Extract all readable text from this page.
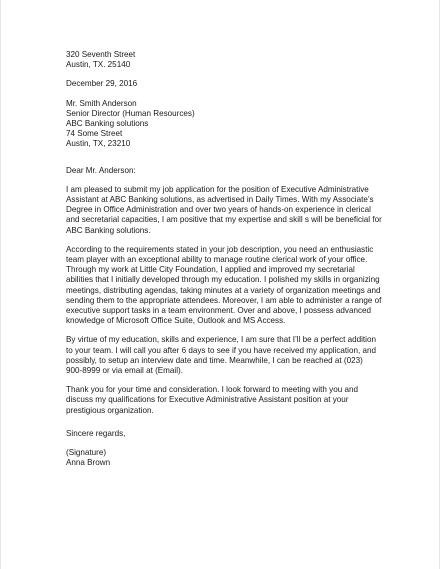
320 Seventh Street
Austin, TX. 25140
December 29, 2016
Mr. Smith Anderson
Senior Director (Human Resources)
ABC Banking solutions
74 Some Street
Austin, TX, 23210
Dear Mr. Anderson:

I am pleased to submit my job application for the position of Executive Administrative
Assistant at ABC Banking solutions, as advertised in Daily Times. With my Associate’s
Degree in Office Administration and over two years of hands-on experience in clerical
and secretarial capacities, I am positive that my expertise and skill s will be beneficial for
ABC Banking solutions.

According to the requirements stated in your job description, you need an enthusiastic
team player with an exceptional ability to manage routine clerical work of your office.
Through my work at Little City Foundation, I applied and improved my secretarial
abilities that I initially developed through my education. I polished my skills in organizing
meetings, distributing agendas, taking minutes at a variety of organization meetings and
sending them to the appropriate attendees. Moreover, I am able to administer a range of
executive support tasks in a team environment. Over and above, I possess advanced
knowledge of Microsoft Office Suite, Outlook and MS Access.

By virtue of my education, skills and experience, I am sure that I’ll be a perfect addition
to your team. I will call you after 6 days to see if you have received my application, and
possibly, to setup an interview date and time. Meanwhile, I can be reached at (023)
900-8999 or via email at (Email).

Thank you for your time and consideration. I look forward to meeting with you and
discuss my qualifications for Executive Administrative Assistant position at your
prestigious organization.

Sincere regards,
(Signature)
Anna Brown
